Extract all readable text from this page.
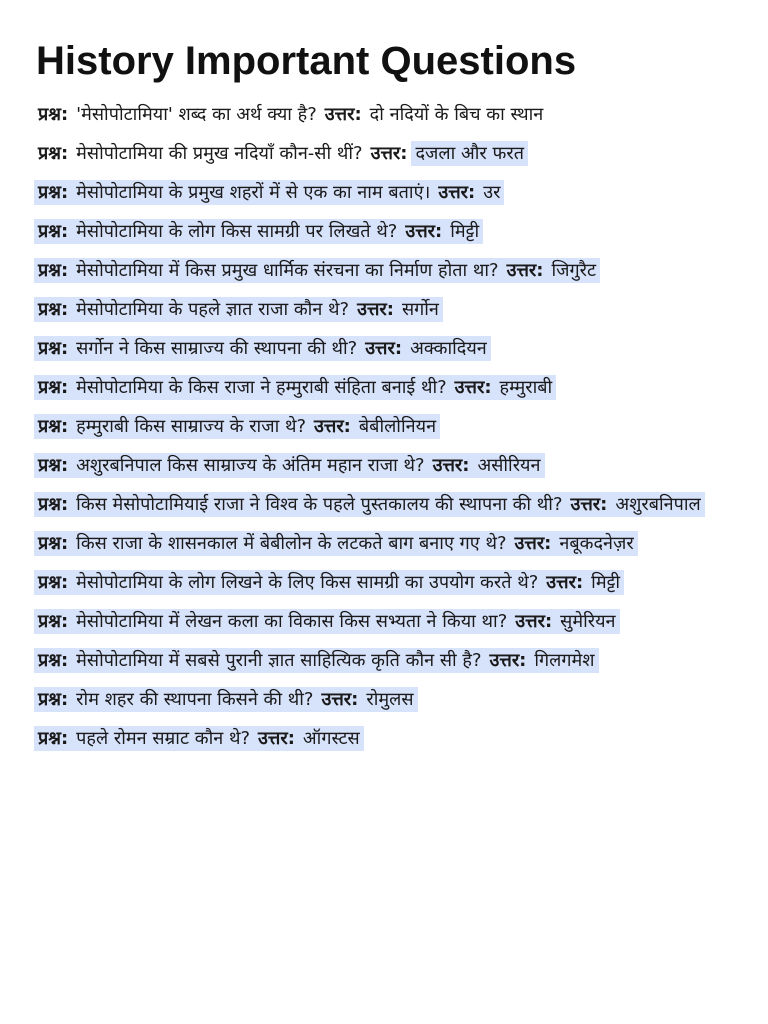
History Important Questions
प्रश्न: 'मेसोपोटामिया' शब्द का अर्थ क्या है? उत्तर: दो नदियों के बिच का स्थान
प्रश्न: मेसोपोटामिया की प्रमुख नदियाँ कौन-सी थीं? उत्तर: दजला और फरत
प्रश्न: मेसोपोटामिया के प्रमुख शहरों में से एक का नाम बताएं। उत्तर: उर
प्रश्न: मेसोपोटामिया के लोग किस सामग्री पर लिखते थे? उत्तर: मिट्टी
प्रश्न: मेसोपोटामिया में किस प्रमुख धार्मिक संरचना का निर्माण होता था? उत्तर: जिगुरैट
प्रश्न: मेसोपोटामिया के पहले ज्ञात राजा कौन थे? उत्तर: सर्गोन
प्रश्न: सर्गोन ने किस साम्राज्य की स्थापना की थी? उत्तर: अक्कादियन
प्रश्न: मेसोपोटामिया के किस राजा ने हम्मुराबी संहिता बनाई थी? उत्तर: हम्मुराबी
प्रश्न: हम्मुराबी किस साम्राज्य के राजा थे? उत्तर: बेबीलोनियन
प्रश्न: अशुरबनिपाल किस साम्राज्य के अंतिम महान राजा थे? उत्तर: असीरियन
प्रश्न: किस मेसोपोटामियाई राजा ने विश्व के पहले पुस्तकालय की स्थापना की थी? उत्तर: अशुरबनिपाल
प्रश्न: किस राजा के शासनकाल में बेबीलोन के लटकते बाग बनाए गए थे? उत्तर: नबूकदनेज़र
प्रश्न: मेसोपोटामिया के लोग लिखने के लिए किस सामग्री का उपयोग करते थे? उत्तर: मिट्टी
प्रश्न: मेसोपोटामिया में लेखन कला का विकास किस सभ्यता ने किया था? उत्तर: सुमेरियन
प्रश्न: मेसोपोटामिया में सबसे पुरानी ज्ञात साहित्यिक कृति कौन सी है? उत्तर: गिलगमेश
प्रश्न: रोम शहर की स्थापना किसने की थी? उत्तर: रोमुलस
प्रश्न: पहले रोमन सम्राट कौन थे? उत्तर: ऑगस्टस
